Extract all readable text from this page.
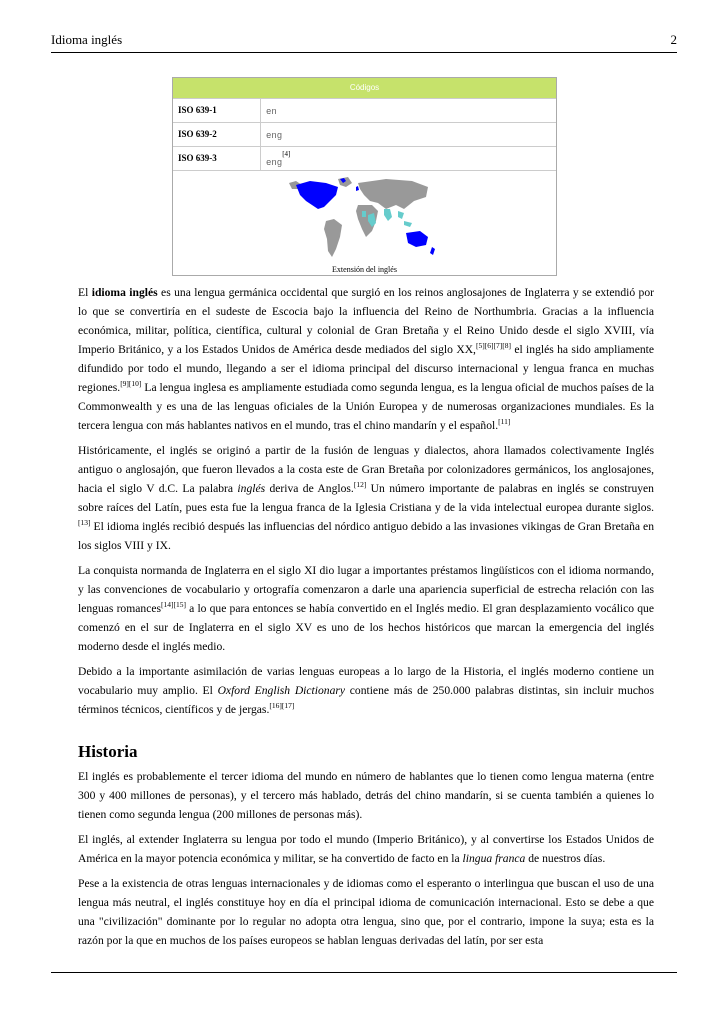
Idioma inglés	2
Códigos
ISO 639-1	en
ISO 639-2	eng
ISO 639-3	eng[4]
Extensión del inglés

El idioma inglés es una lengua germánica occidental que surgió en los reinos anglosajones de Inglaterra y se extendió por lo que se convertiría en el sudeste de Escocia bajo la influencia del Reino de Northumbria. Gracias a la influencia económica, militar, política, científica, cultural y colonial de Gran Bretaña y el Reino Unido desde el siglo XVIII, vía Imperio Británico, y a los Estados Unidos de América desde mediados del siglo XX,[5][6][7][8] el inglés ha sido ampliamente difundido por todo el mundo, llegando a ser el idioma principal del discurso internacional y lengua franca en muchas regiones.[9][10] La lengua inglesa es ampliamente estudiada como segunda lengua, es la lengua oficial de muchos países de la Commonwealth y es una de las lenguas oficiales de la Unión Europea y de numerosas organizaciones mundiales. Es la tercera lengua con más hablantes nativos en el mundo, tras el chino mandarín y el español.[11]

Históricamente, el inglés se originó a partir de la fusión de lenguas y dialectos, ahora llamados colectivamente Inglés antiguo o anglosajón, que fueron llevados a la costa este de Gran Bretaña por colonizadores germánicos, los anglosajones, hacia el siglo V d.C. La palabra inglés deriva de Anglos.[12] Un número importante de palabras en inglés se construyen sobre raíces del Latín, pues esta fue la lengua franca de la Iglesia Cristiana y de la vida intelectual europea durante siglos.[13] El idioma inglés recibió después las influencias del nórdico antiguo debido a las invasiones vikingas de Gran Bretaña en los siglos VIII y IX.

La conquista normanda de Inglaterra en el siglo XI dio lugar a importantes préstamos lingüísticos con el idioma normando, y las convenciones de vocabulario y ortografía comenzaron a darle una apariencia superficial de estrecha relación con las lenguas romances[14][15] a lo que para entonces se había convertido en el Inglés medio. El gran desplazamiento vocálico que comenzó en el sur de Inglaterra en el siglo XV es uno de los hechos históricos que marcan la emergencia del inglés moderno desde el inglés medio.

Debido a la importante asimilación de varias lenguas europeas a lo largo de la Historia, el inglés moderno contiene un vocabulario muy amplio. El Oxford English Dictionary contiene más de 250.000 palabras distintas, sin incluir muchos términos técnicos, científicos y de jergas.[16][17]

Historia

El inglés es probablemente el tercer idioma del mundo en número de hablantes que lo tienen como lengua materna (entre 300 y 400 millones de personas), y el tercero más hablado, detrás del chino mandarín, si se cuenta también a quienes lo tienen como segunda lengua (200 millones de personas más).

El inglés, al extender Inglaterra su lengua por todo el mundo (Imperio Británico), y al convertirse los Estados Unidos de América en la mayor potencia económica y militar, se ha convertido de facto en la lingua franca de nuestros días.

Pese a la existencia de otras lenguas internacionales y de idiomas como el esperanto o interlingua que buscan el uso de una lengua más neutral, el inglés constituye hoy en día el principal idioma de comunicación internacional. Esto se debe a que una "civilización" dominante por lo regular no adopta otra lengua, sino que, por el contrario, impone la suya; esta es la razón por la que en muchos de los países europeos se hablan lenguas derivadas del latín, por ser esta
